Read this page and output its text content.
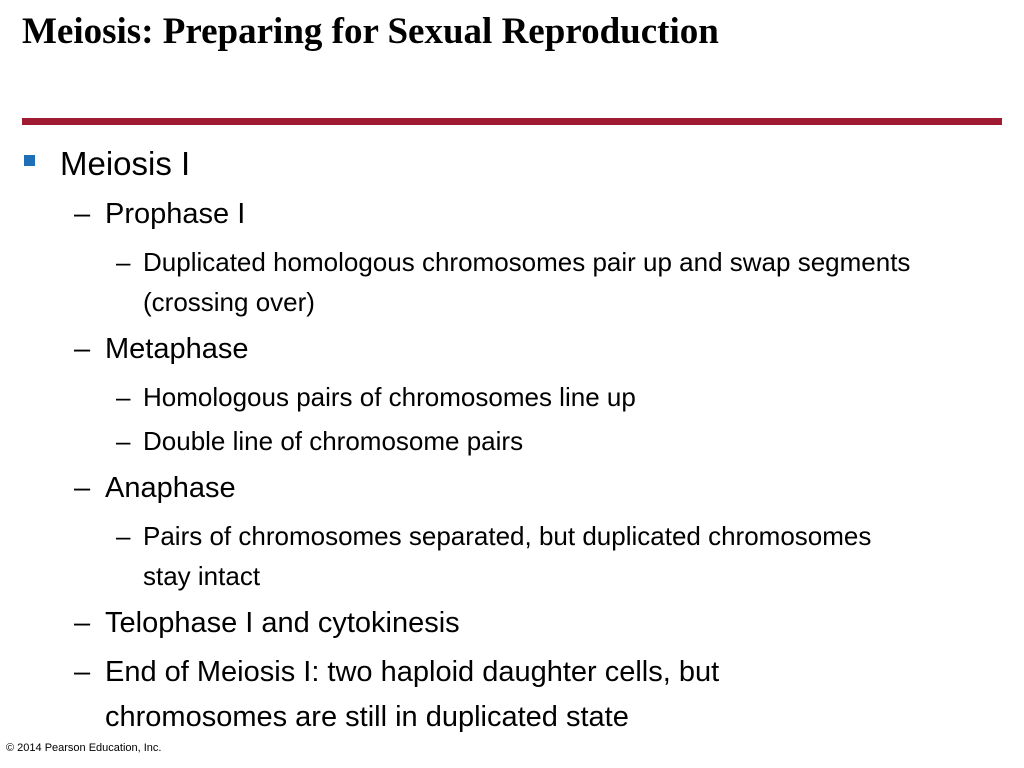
Meiosis: Preparing for Sexual Reproduction
Meiosis I
– Prophase I
– Duplicated homologous chromosomes pair up and swap segments (crossing over)
– Metaphase
– Homologous pairs of chromosomes line up
– Double line of chromosome pairs
– Anaphase
– Pairs of chromosomes separated, but duplicated chromosomes stay intact
– Telophase I and cytokinesis
– End of Meiosis I: two haploid daughter cells, but chromosomes are still in duplicated state
© 2014 Pearson Education, Inc.
